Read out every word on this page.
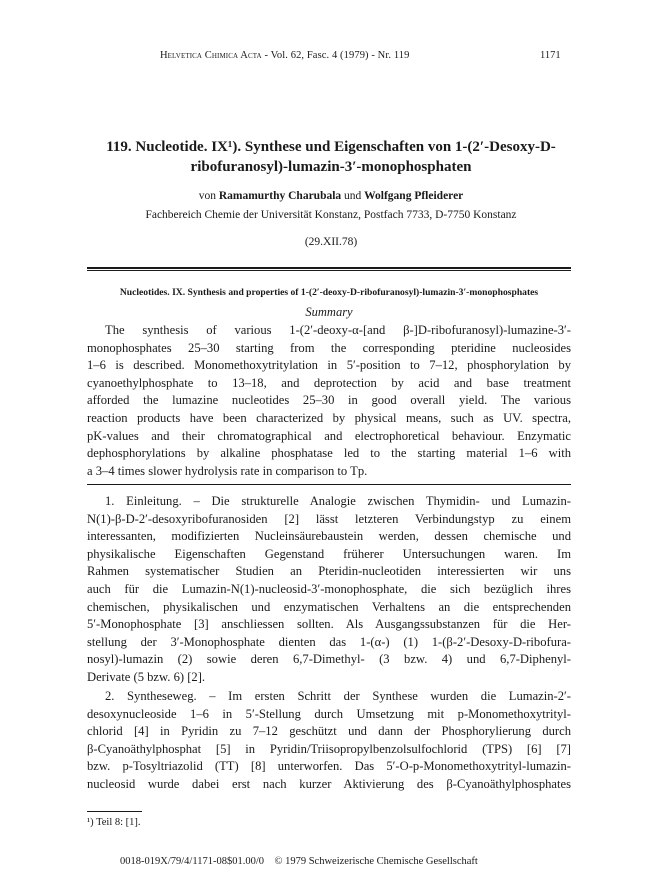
Helvetica Chimica Acta - Vol. 62, Fasc. 4 (1979) - Nr. 119	1171
119. Nucleotide. IX¹). Synthese und Eigenschaften von 1-(2′-Desoxy-D-
ribofuranosyl)-lumazin-3′-monophosphaten
von Ramamurthy Charubala und Wolfgang Pfleiderer
Fachbereich Chemie der Universität Konstanz, Postfach 7733, D-7750 Konstanz
(29.XII.78)
Nucleotides. IX. Synthesis and properties of 1-(2′-deoxy-D-ribofuranosyl)-lumazin-3′-monophosphates
Summary
The synthesis of various 1-(2′-deoxy-α-[and β-]D-ribofuranosyl)-lumazine-3′-
monophosphates 25–30 starting from the corresponding pteridine nucleosides
1–6 is described. Monomethoxytritylation in 5′-position to 7–12, phosphorylation by
cyanoethylphosphate to 13–18, and deprotection by acid and base treatment
afforded the lumazine nucleotides 25–30 in good overall yield. The various
reaction products have been characterized by physical means, such as UV. spectra,
pK-values and their chromatographical and electrophoretical behaviour. Enzymatic
dephosphorylations by alkaline phosphatase led to the starting material 1–6 with
a 3–4 times slower hydrolysis rate in comparison to Tp.
1. Einleitung. – Die strukturelle Analogie zwischen Thymidin- und Lumazin-
N(1)-β-D-2′-desoxyribofuranosiden [2] lässt letzteren Verbindungstyp zu einem
interessanten, modifizierten Nucleinsäurebaustein werden, dessen chemische und
physikalische Eigenschaften Gegenstand früherer Untersuchungen waren. Im
Rahmen systematischer Studien an Pteridin-nucleotiden interessierten wir uns
auch für die Lumazin-N(1)-nucleosid-3′-monophosphate, die sich bezüglich ihres
chemischen, physikalischen und enzymatischen Verhaltens an die entsprechenden
5′-Monophosphate [3] anschliessen sollten. Als Ausgangssubstanzen für die Her-
stellung der 3′-Monophosphate dienten das 1-(α-) (1) 1-(β-2′-Desoxy-D-ribofura-
nosyl)-lumazin (2) sowie deren 6,7-Dimethyl- (3 bzw. 4) und 6,7-Diphenyl-
Derivate (5 bzw. 6) [2].
2. Syntheseweg. – Im ersten Schritt der Synthese wurden die Lumazin-2′-
desoxynucleoside 1–6 in 5′-Stellung durch Umsetzung mit p-Monomethoxytrityl-
chlorid [4] in Pyridin zu 7–12 geschützt und dann der Phosphorylierung durch
β-Cyanoäthylphosphat [5] in Pyridin/Triisopropylbenzolsulfochlorid (TPS) [6] [7]
bzw. p-Tosyltriazolid (TT) [8] unterworfen. Das 5′-O-p-Monomethoxytrityl-lumazin-
nucleosid wurde dabei erst nach kurzer Aktivierung des β-Cyanoäthylphosphates
¹) Teil 8: [1].
0018-019X/79/4/1171-08$01.00/0 © 1979 Schweizerische Chemische Gesellschaft
